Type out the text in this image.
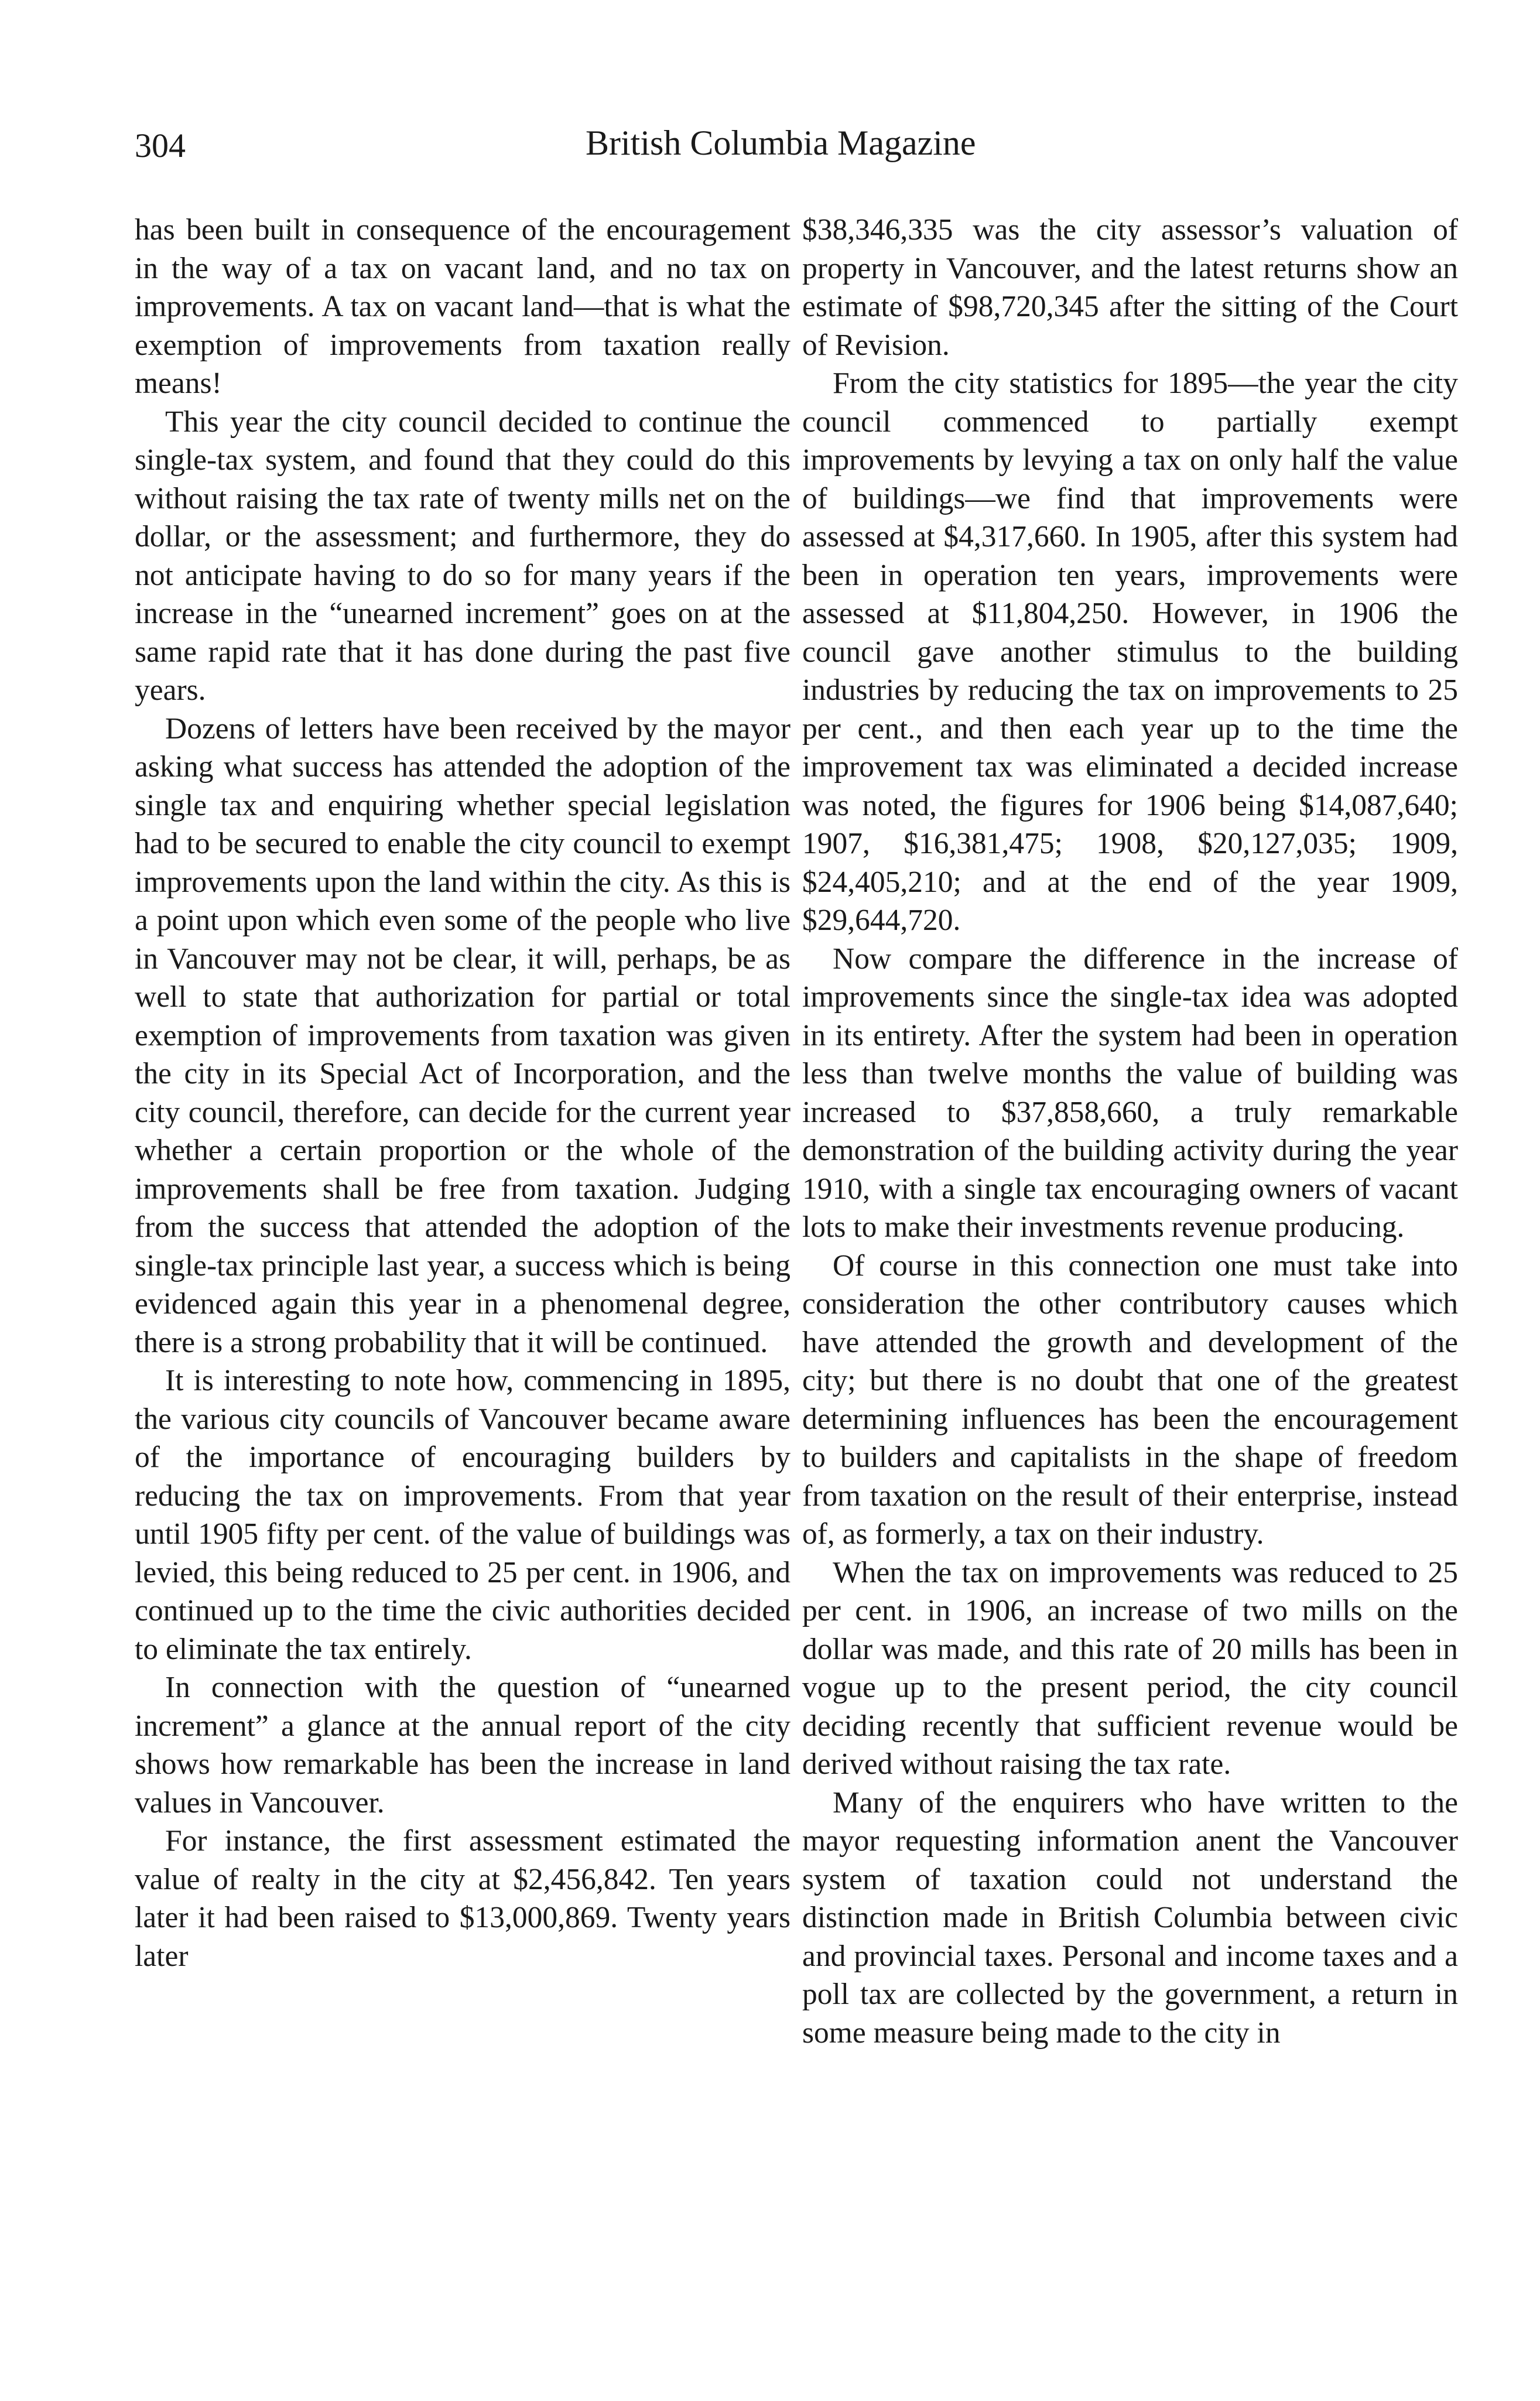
304	British Columbia Magazine

has been built in consequence of the encouragement in the way of a tax on vacant land, and no tax on improvements. A tax on vacant land—that is what the exemption of improvements from taxation really means!

This year the city council decided to continue the single-tax system, and found that they could do this without raising the tax rate of twenty mills net on the dollar, or the assessment; and furthermore, they do not anticipate having to do so for many years if the increase in the “unearned increment” goes on at the same rapid rate that it has done during the past five years.

Dozens of letters have been received by the mayor asking what success has attended the adoption of the single tax and enquiring whether special legislation had to be secured to enable the city council to exempt improvements upon the land within the city. As this is a point upon which even some of the people who live in Vancouver may not be clear, it will, perhaps, be as well to state that authorization for partial or total exemption of improvements from taxation was given the city in its Special Act of Incorporation, and the city council, therefore, can decide for the current year whether a certain proportion or the whole of the improvements shall be free from taxation. Judging from the success that attended the adoption of the single-tax principle last year, a success which is being evidenced again this year in a phenomenal degree, there is a strong probability that it will be continued.

It is interesting to note how, commencing in 1895, the various city councils of Vancouver became aware of the importance of encouraging builders by reducing the tax on improvements. From that year until 1905 fifty per cent. of the value of buildings was levied, this being reduced to 25 per cent. in 1906, and continued up to the time the civic authorities decided to eliminate the tax entirely.

In connection with the question of “unearned increment” a glance at the annual report of the city shows how remarkable has been the increase in land values in Vancouver.

For instance, the first assessment estimated the value of realty in the city at $2,456,842. Ten years later it had been raised to $13,000,869. Twenty years later

$38,346,335 was the city assessor’s valuation of property in Vancouver, and the latest returns show an estimate of $98,720,345 after the sitting of the Court of Revision.

From the city statistics for 1895—the year the city council commenced to partially exempt improvements by levying a tax on only half the value of buildings—we find that improvements were assessed at $4,317,660. In 1905, after this system had been in operation ten years, improvements were assessed at $11,804,250. However, in 1906 the council gave another stimulus to the building industries by reducing the tax on improvements to 25 per cent., and then each year up to the time the improvement tax was eliminated a decided increase was noted, the figures for 1906 being $14,087,640; 1907, $16,381,475; 1908, $20,127,035; 1909, $24,405,210; and at the end of the year 1909, $29,644,720.

Now compare the difference in the increase of improvements since the single-tax idea was adopted in its entirety. After the system had been in operation less than twelve months the value of building was increased to $37,858,660, a truly remarkable demonstration of the building activity during the year 1910, with a single tax encouraging owners of vacant lots to make their investments revenue producing.

Of course in this connection one must take into consideration the other contributory causes which have attended the growth and development of the city; but there is no doubt that one of the greatest determining influences has been the encouragement to builders and capitalists in the shape of freedom from taxation on the result of their enterprise, instead of, as formerly, a tax on their industry.

When the tax on improvements was reduced to 25 per cent. in 1906, an increase of two mills on the dollar was made, and this rate of 20 mills has been in vogue up to the present period, the city council deciding recently that sufficient revenue would be derived without raising the tax rate.

Many of the enquirers who have written to the mayor requesting information anent the Vancouver system of taxation could not understand the distinction made in British Columbia between civic and provincial taxes. Personal and income taxes and a poll tax are collected by the government, a return in some measure being made to the city in
